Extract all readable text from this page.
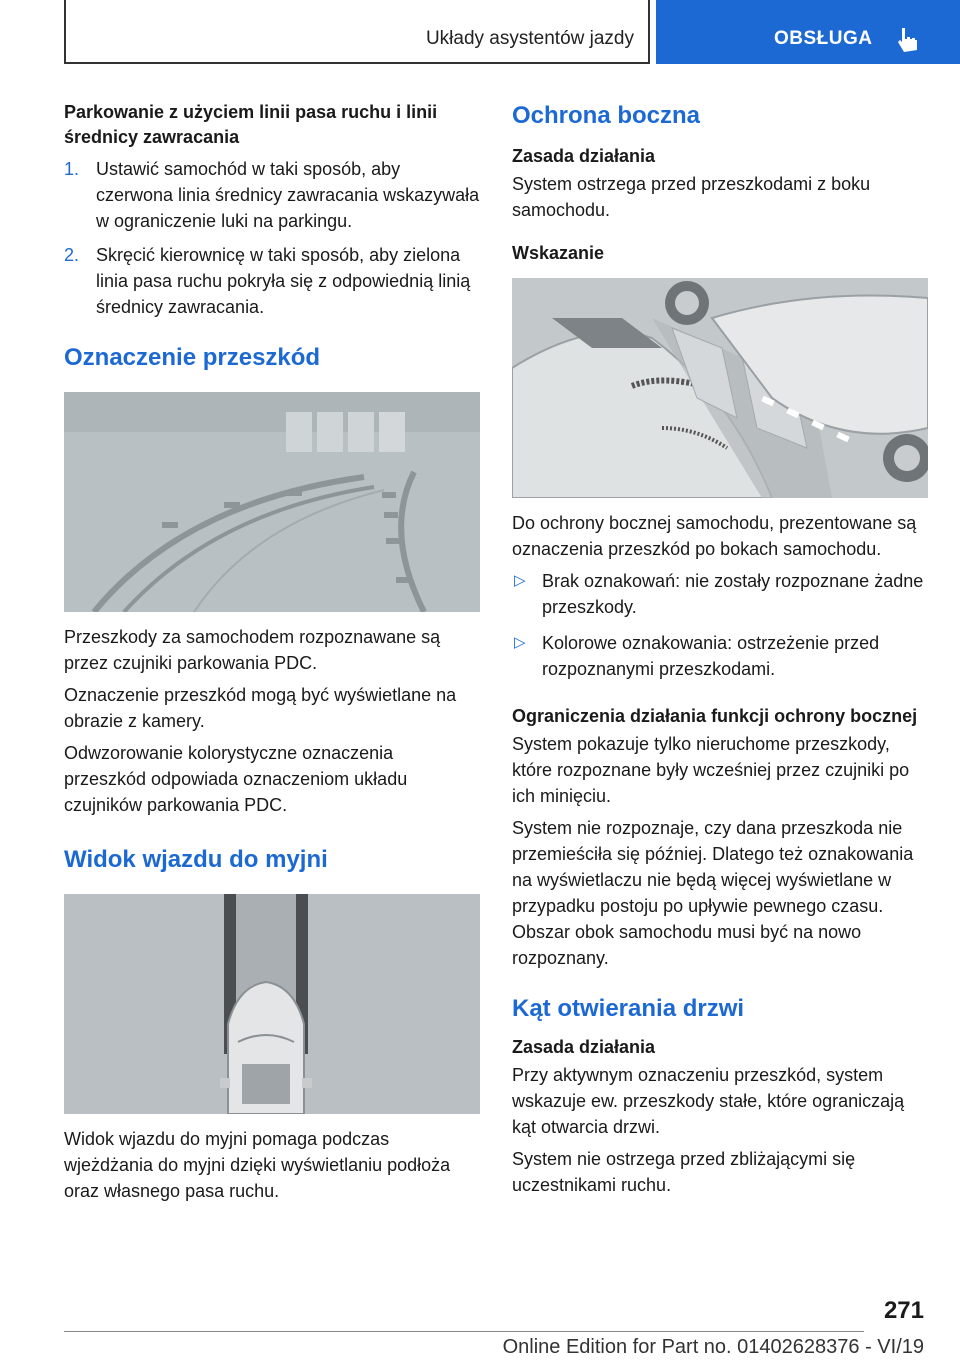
Układy asystentów jazdy	OBSŁUGA
Parkowanie z użyciem linii pasa ruchu i linii średnicy zawracania
1. Ustawić samochód w taki sposób, aby czerwona linia średnicy zawracania wskazywała w ograniczenie luki na parkingu.
2. Skręcić kierownicę w taki sposób, aby zielona linia pasa ruchu pokryła się z odpowiednią linią średnicy zawracania.
Oznaczenie przeszkód

Przeszkody za samochodem rozpoznawane są przez czujniki parkowania PDC.

Oznaczenie przeszkód mogą być wyświetlane na obrazie z kamery.

Odwzorowanie kolorystyczne oznaczenia przeszkód odpowiada oznaczeniom układu czujników parkowania PDC.

Widok wjazdu do myjni

Widok wjazdu do myjni pomaga podczas wjeżdżania do myjni dzięki wyświetlaniu podłoża oraz własnego pasa ruchu.

Ochrona boczna
Zasada działania

System ostrzega przed przeszkodami z boku samochodu.

Wskazanie

Do ochrony bocznej samochodu, prezentowane są oznaczenia przeszkód po bokach samochodu.

▷ Brak oznakowań: nie zostały rozpoznane żadne przeszkody.
▷ Kolorowe oznakowania: ostrzeżenie przed rozpoznanymi przeszkodami.
Ograniczenia działania funkcji ochrony bocznej

System pokazuje tylko nieruchome przeszkody, które rozpoznane były wcześniej przez czujniki po ich minięciu.

System nie rozpoznaje, czy dana przeszkoda nie przemieściła się później. Dlatego też oznakowania na wyświetlaczu nie będą więcej wyświetlane w przypadku postoju po upływie pewnego czasu. Obszar obok samochodu musi być na nowo rozpoznany.

Kąt otwierania drzwi
Zasada działania

Przy aktywnym oznaczeniu przeszkód, system wskazuje ew. przeszkody stałe, które ograniczają kąt otwarcia drzwi.

System nie ostrzega przed zbliżającymi się uczestnikami ruchu.

271
Online Edition for Part no. 01402628376 - VI/19
